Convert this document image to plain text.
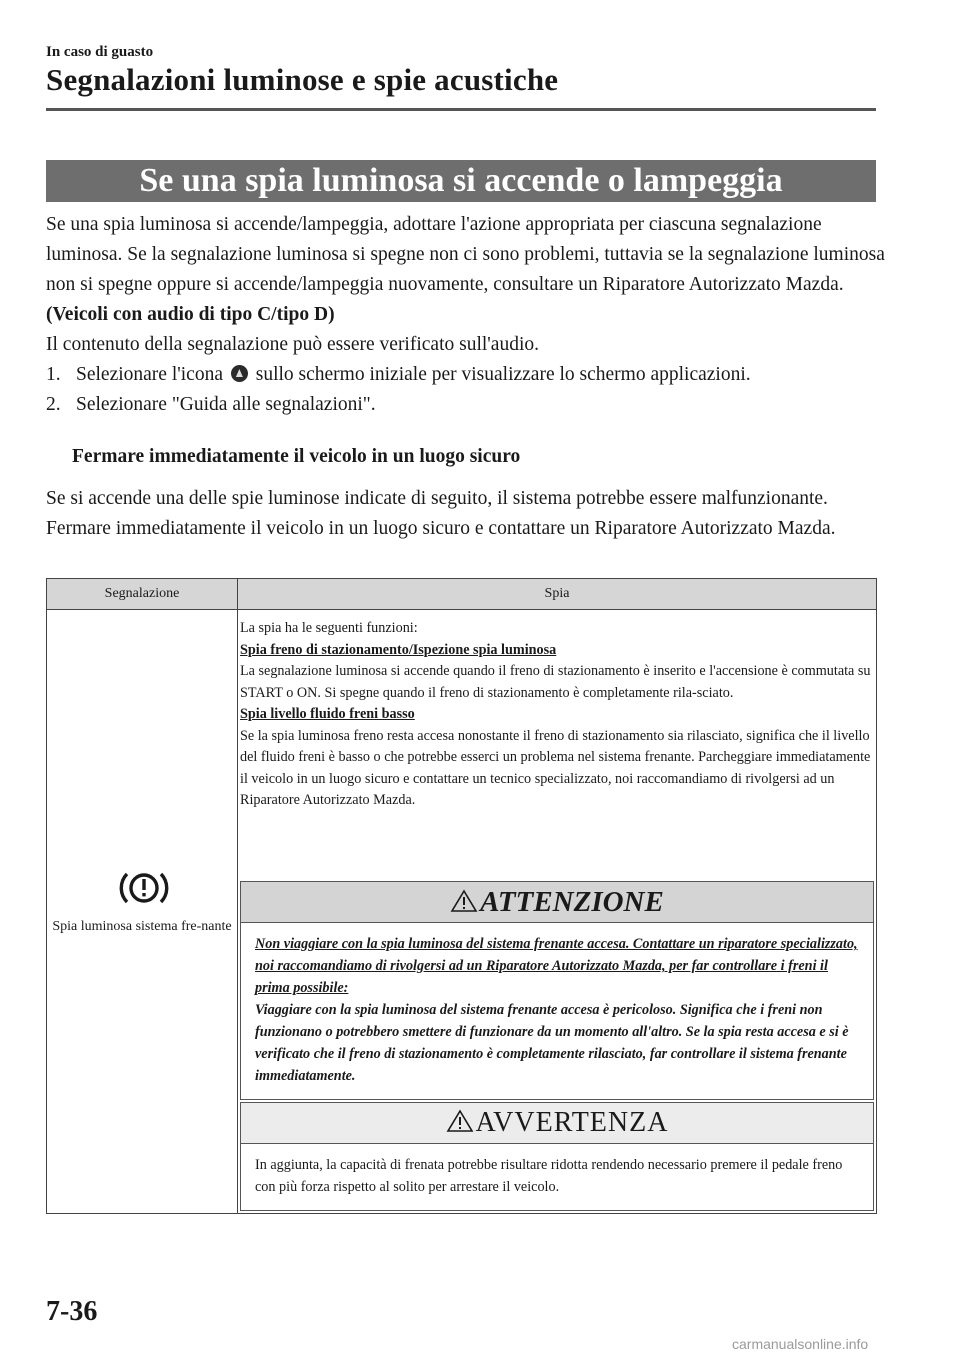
In caso di guasto
Segnalazioni luminose e spie acustiche
Se una spia luminosa si accende o lampeggia

Se una spia luminosa si accende/lampeggia, adottare l'azione appropriata per ciascuna segnalazione luminosa. Se la segnalazione luminosa si spegne non ci sono problemi, tuttavia se la segnalazione luminosa non si spegne oppure si accende/lampeggia nuovamente, consultare un Riparatore Autorizzato Mazda.

(Veicoli con audio di tipo C/tipo D)

Il contenuto della segnalazione può essere verificato sull'audio.

1. Selezionare l'icona sullo schermo iniziale per visualizzare lo schermo applicazioni.
2. Selezionare "Guida alle segnalazioni".
Fermare immediatamente il veicolo in un luogo sicuro

Se si accende una delle spie luminose indicate di seguito, il sistema potrebbe essere malfunzionante. Fermare immediatamente il veicolo in un luogo sicuro e contattare un Riparatore Autorizzato Mazda.

Segnalazione	Spia
Spia luminosa sistema fre-nante

La spia ha le seguenti funzioni:

Spia freno di stazionamento/Ispezione spia luminosa

La segnalazione luminosa si accende quando il freno di stazionamento è inserito e l'accensione è commutata su START o ON. Si spegne quando il freno di stazionamento è completamente rila-sciato.

Spia livello fluido freni basso

Se la spia luminosa freno resta accesa nonostante il freno di stazionamento sia rilasciato, significa che il livello del fluido freni è basso o che potrebbe esserci un problema nel sistema frenante. Parcheggiare immediatamente il veicolo in un luogo sicuro e contattare un tecnico specializzato, noi raccomandiamo di rivolgersi ad un Riparatore Autorizzato Mazda.

ATTENZIONE

Non viaggiare con la spia luminosa del sistema frenante accesa. Contattare un riparatore specializzato, noi raccomandiamo di rivolgersi ad un Riparatore Autorizzato Mazda, per far controllare i freni il prima possibile:

Viaggiare con la spia luminosa del sistema frenante accesa è pericoloso. Significa che i freni non funzionano o potrebbero smettere di funzionare da un momento all'altro. Se la spia resta accesa e si è verificato che il freno di stazionamento è completamente rilasciato, far controllare il sistema frenante immediatamente.

AVVERTENZA

In aggiunta, la capacità di frenata potrebbe risultare ridotta rendendo necessario premere il pedale freno con più forza rispetto al solito per arrestare il veicolo.

7-36
carmanualsonline.info
